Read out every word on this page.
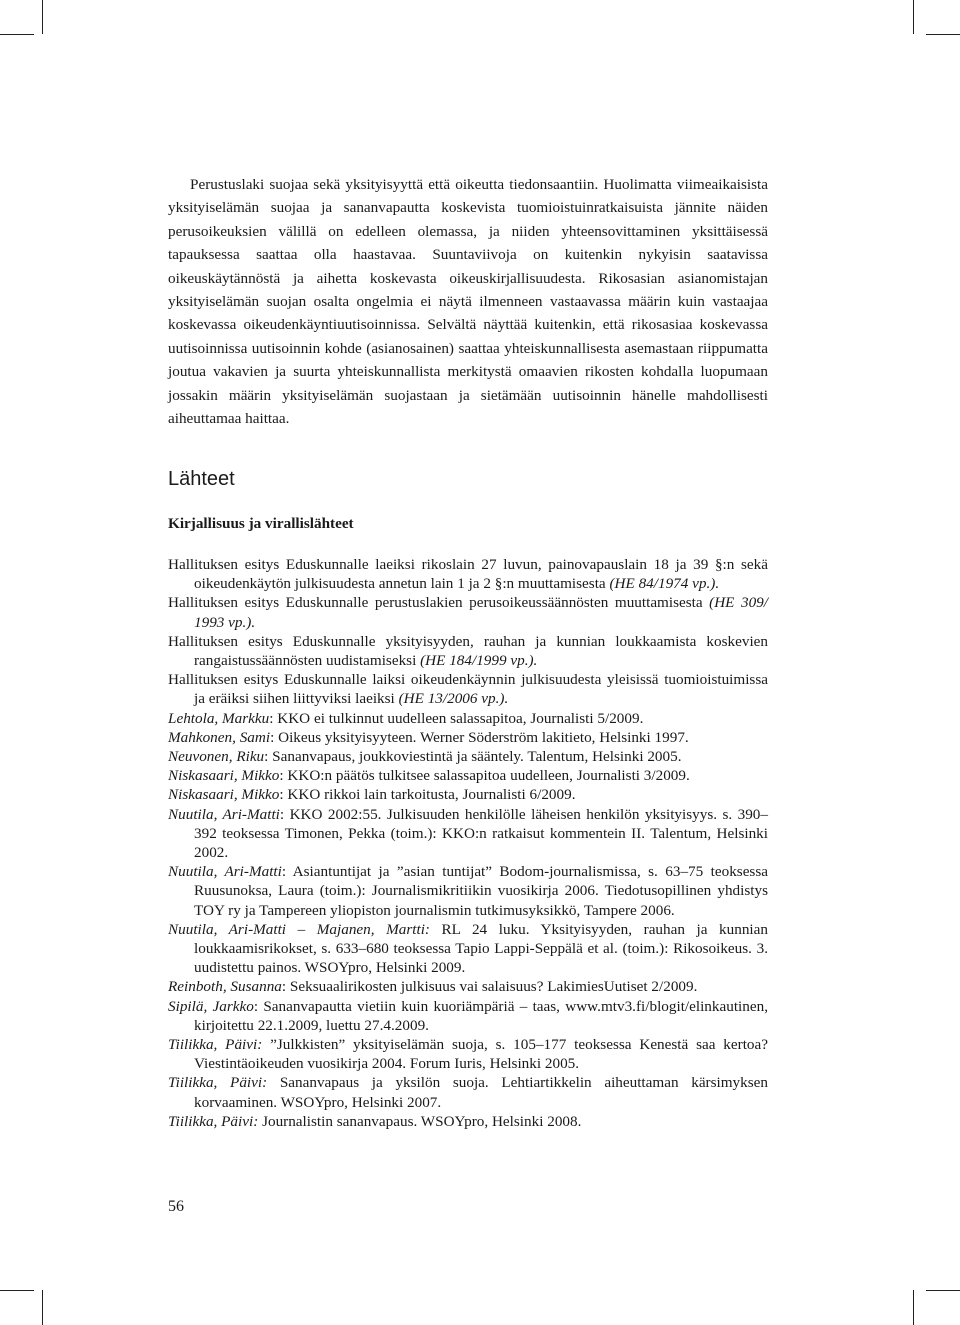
Perustuslaki suojaa sekä yksityisyyttä että oikeutta tiedonsaantiin. Huolimatta viimeaikaisista yksityiselämän suojaa ja sananvapautta koskevista tuomioistuinratkaisuista jännite näiden perusoikeuksien välillä on edelleen olemassa, ja niiden yhteensovittaminen yksittäisessä tapauksessa saattaa olla haastavaa. Suuntaviivoja on kuitenkin nykyisin saatavissa oikeuskäytännöstä ja aihetta koskevasta oikeuskirjallisuudesta. Rikosasian asianomistajan yksityiselämän suojan osalta ongelmia ei näytä ilmenneen vastaavassa määrin kuin vastaajaa koskevassa oikeudenkäyntiuutisoinnissa. Selvältä näyttää kuitenkin, että rikosasiaa koskevassa uutisoinnissa uutisoinnin kohde (asianosainen) saattaa yhteiskunnallisesta asemastaan riippumatta joutua vakavien ja suurta yhteiskunnallista merkitystä omaavien rikosten kohdalla luopumaan jossakin määrin yksityiselämän suojastaan ja sietämään uutisoinnin hänelle mahdollisesti aiheuttamaa haittaa.

Lähteet
Kirjallisuus ja virallislähteet

Hallituksen esitys Eduskunnalle laeiksi rikoslain 27 luvun, painovapauslain 18 ja 39 §:n sekä oikeudenkäytön julkisuudesta annetun lain 1 ja 2 §:n muuttamisesta (HE 84/1974 vp.).

Hallituksen esitys Eduskunnalle perustuslakien perusoikeussäännösten muuttamisesta (HE 309/ 1993 vp.).

Hallituksen esitys Eduskunnalle yksityisyyden, rauhan ja kunnian loukkaamista koskevien rangaistussäännösten uudistamiseksi (HE 184/1999 vp.).

Hallituksen esitys Eduskunnalle laiksi oikeudenkäynnin julkisuudesta yleisissä tuomioistuimissa ja eräiksi siihen liittyviksi laeiksi (HE 13/2006 vp.).

Lehtola, Markku: KKO ei tulkinnut uudelleen salassapitoa, Journalisti 5/2009.

Mahkonen, Sami: Oikeus yksityisyyteen. Werner Söderström lakitieto, Helsinki 1997.

Neuvonen, Riku: Sananvapaus, joukkoviestintä ja sääntely. Talentum, Helsinki 2005.

Niskasaari, Mikko: KKO:n päätös tulkitsee salassapitoa uudelleen, Journalisti 3/2009.

Niskasaari, Mikko: KKO rikkoi lain tarkoitusta, Journalisti 6/2009.

Nuutila, Ari-Matti: KKO 2002:55. Julkisuuden henkilölle läheisen henkilön yksityisyys. s. 390–392 teoksessa Timonen, Pekka (toim.): KKO:n ratkaisut kommentein II. Talentum, Helsinki 2002.

Nuutila, Ari-Matti: Asiantuntijat ja ”asian tuntijat” Bodom-journalismissa, s. 63–75 teoksessa Ruusunoksa, Laura (toim.): Journalismikritiikin vuosikirja 2006. Tiedotusopillinen yhdistys TOY ry ja Tampereen yliopiston journalismin tutkimusyksikkö, Tampere 2006.

Nuutila, Ari-Matti – Majanen, Martti: RL 24 luku. Yksityisyyden, rauhan ja kunnian loukkaamisrikokset, s. 633–680 teoksessa Tapio Lappi-Seppälä et al. (toim.): Rikosoikeus. 3. uudistettu painos. WSOYpro, Helsinki 2009.

Reinboth, Susanna: Seksuaalirikosten julkisuus vai salaisuus? LakimiesUutiset 2/2009.

Sipilä, Jarkko: Sananvapautta vietiin kuin kuoriämpäriä – taas, www.mtv3.fi/blogit/elinkautinen, kirjoitettu 22.1.2009, luettu 27.4.2009.

Tiilikka, Päivi: ”Julkkisten” yksityiselämän suoja, s. 105–177 teoksessa Kenestä saa kertoa? Viestintäoikeuden vuosikirja 2004. Forum Iuris, Helsinki 2005.

Tiilikka, Päivi: Sananvapaus ja yksilön suoja. Lehtiartikkelin aiheuttaman kärsimyksen korvaaminen. WSOYpro, Helsinki 2007.

Tiilikka, Päivi: Journalistin sananvapaus. WSOYpro, Helsinki 2008.

56
